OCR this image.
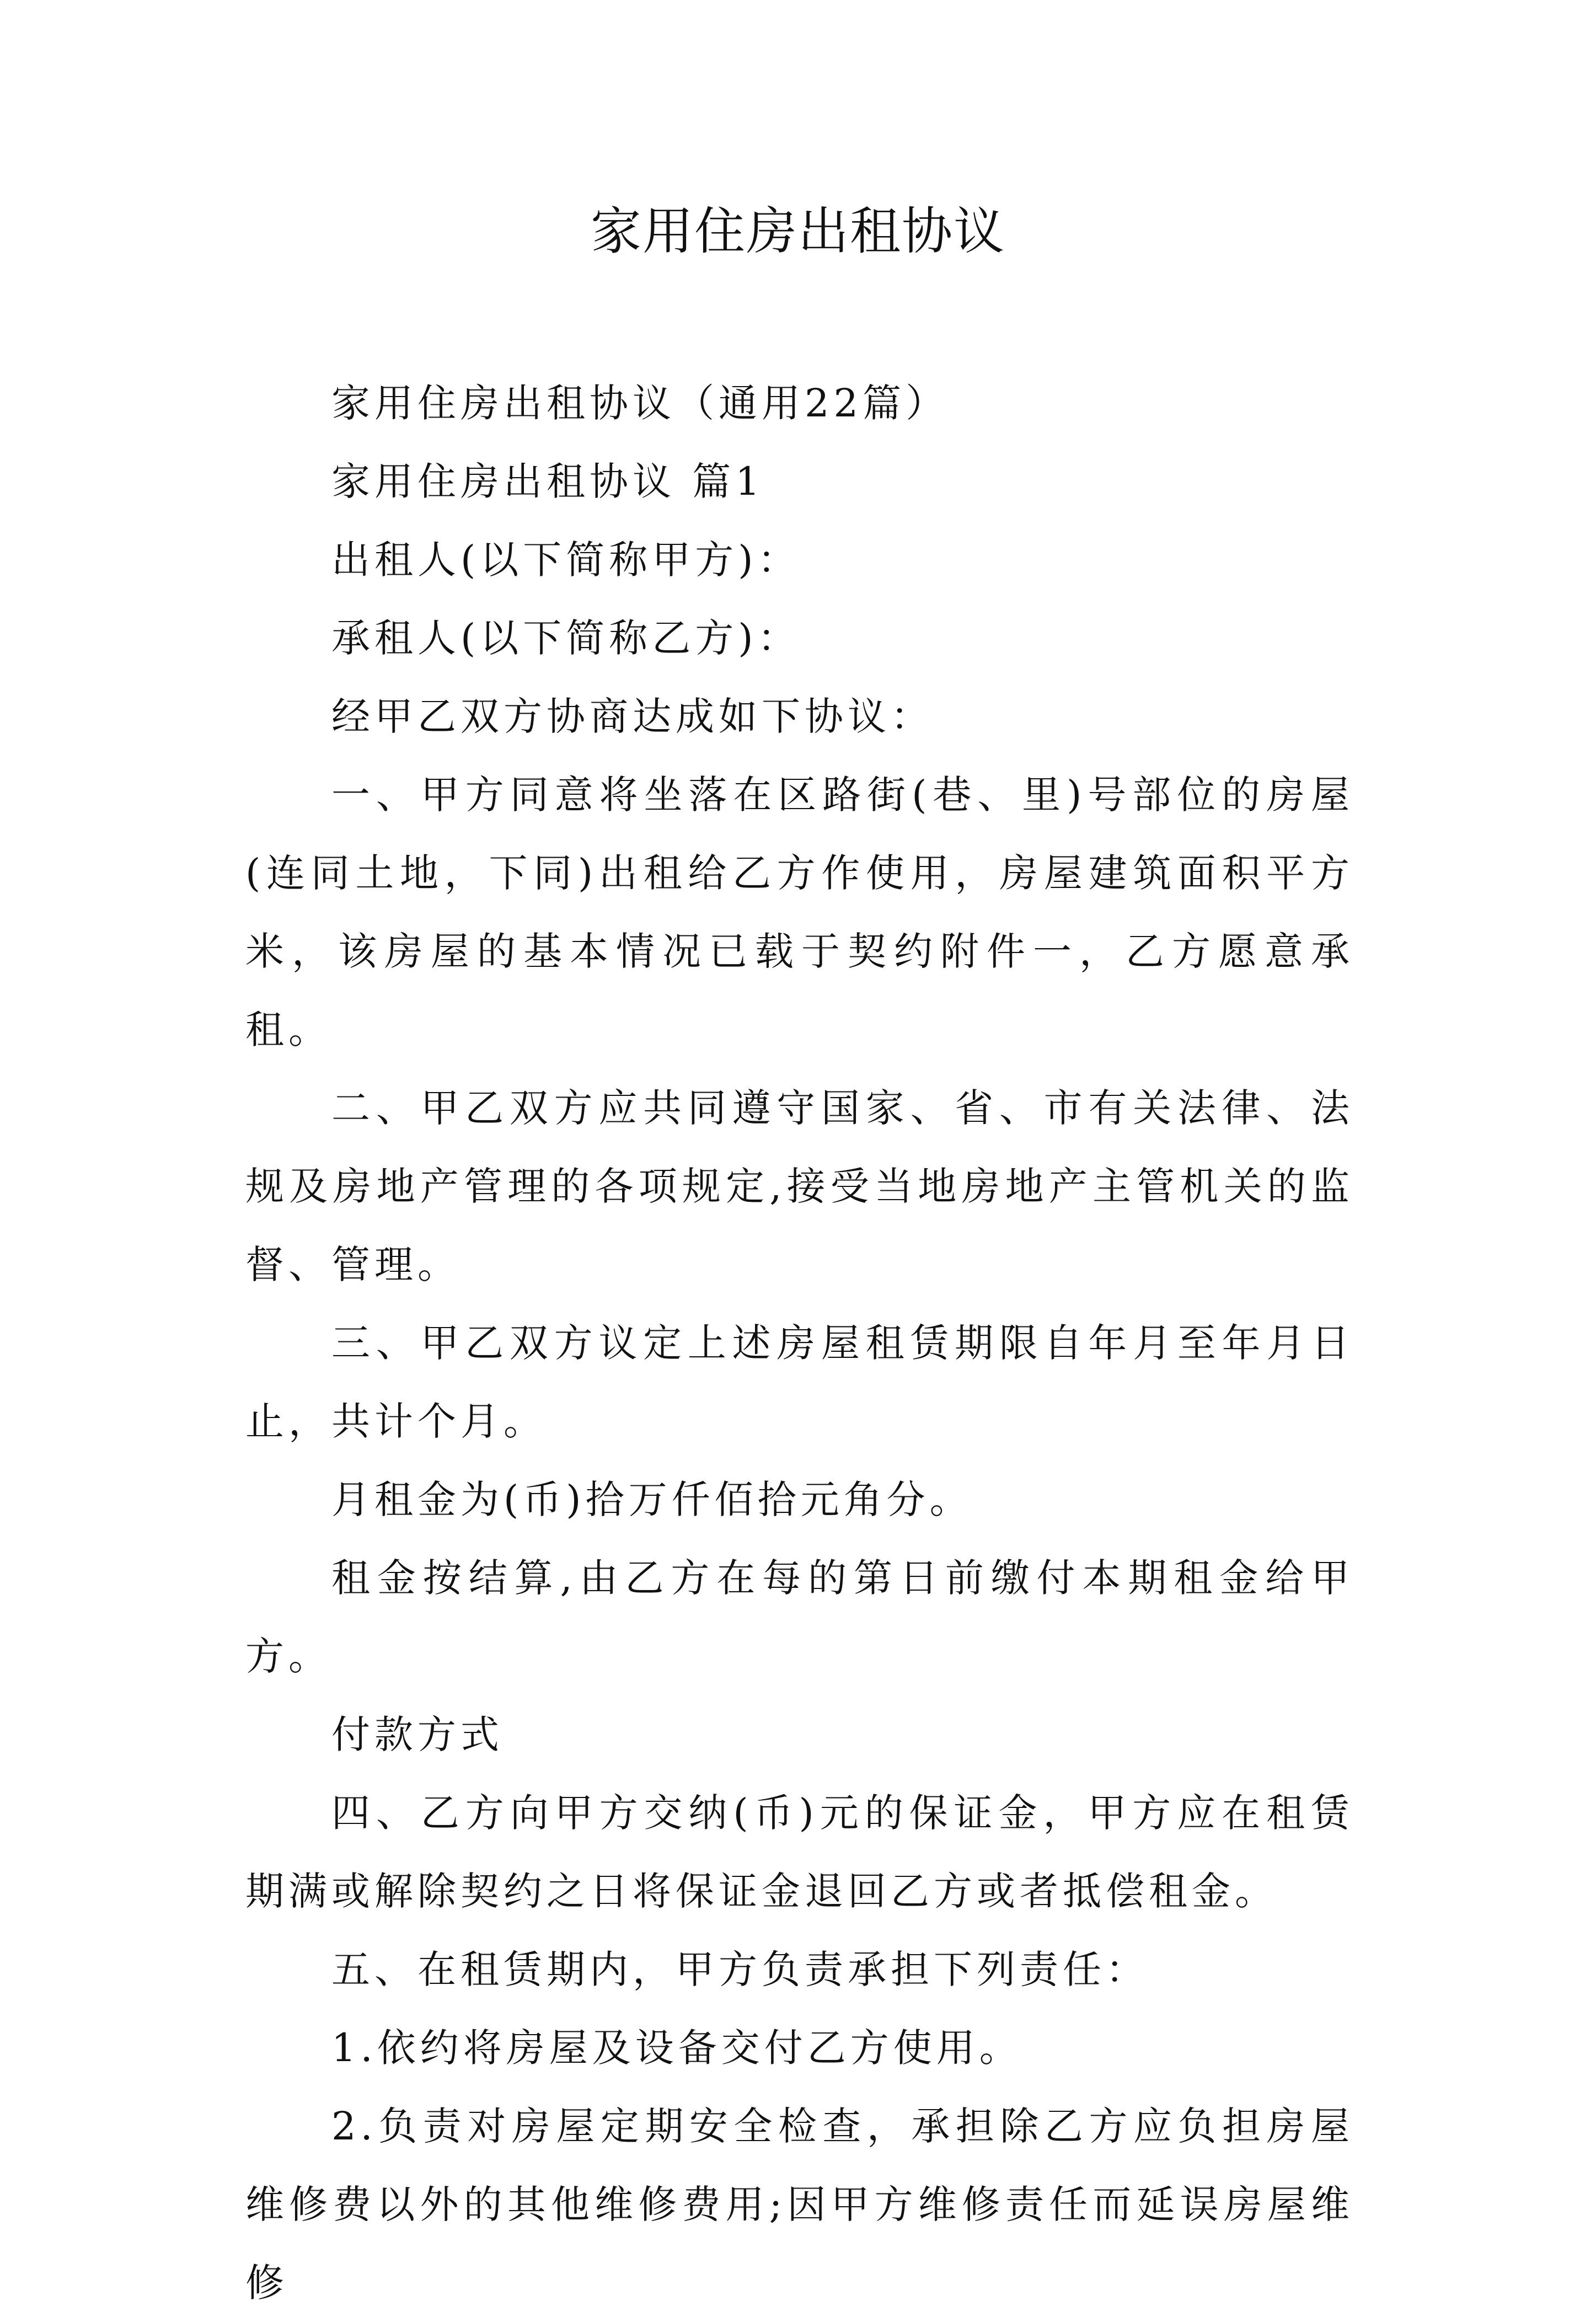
家用住房出租协议

家用住房出租协议（通用22篇）

家用住房出租协议 篇1

出租人(以下简称甲方)：

承租人(以下简称乙方)：

经甲乙双方协商达成如下协议：

一、甲方同意将坐落在区路街(巷、里)号部位的房屋(连同土地，下同)出租给乙方作使用，房屋建筑面积平方米，该房屋的基本情况已载于契约附件一，乙方愿意承租。

二、甲乙双方应共同遵守国家、省、市有关法律、法规及房地产管理的各项规定,接受当地房地产主管机关的监督、管理。

三、甲乙双方议定上述房屋租赁期限自年月至年月日止，共计个月。

月租金为(币)拾万仟佰拾元角分。

租金按结算,由乙方在每的第日前缴付本期租金给甲方。

付款方式

四、乙方向甲方交纳(币)元的保证金，甲方应在租赁期满或解除契约之日将保证金退回乙方或者抵偿租金。

五、在租赁期内，甲方负责承担下列责任：

1.依约将房屋及设备交付乙方使用。

2.负责对房屋定期安全检查，承担除乙方应负担房屋维修费以外的其他维修费用;因甲方维修责任而延误房屋维修
